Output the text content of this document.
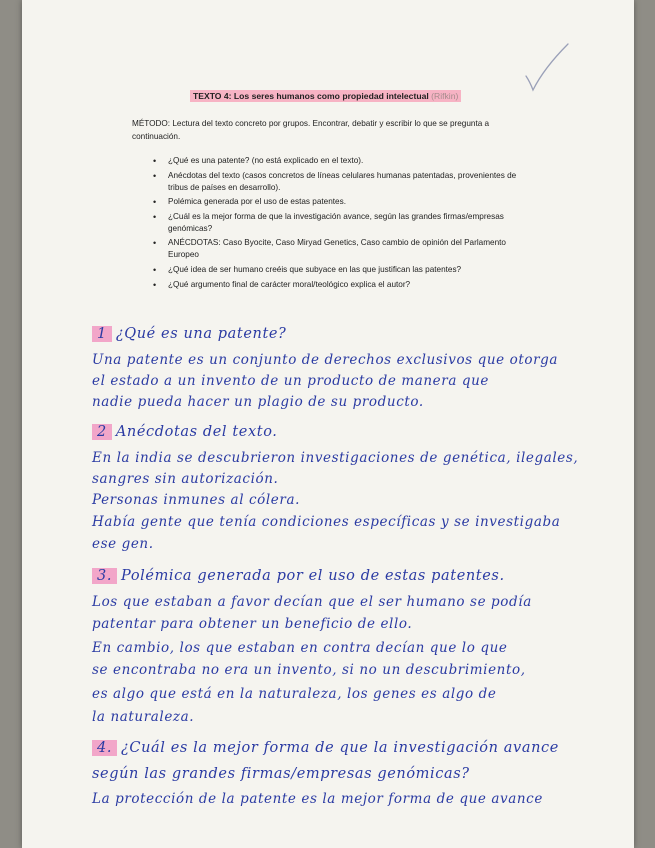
TEXTO 4: Los seres humanos como propiedad intelectual (Rifkin)
MÉTODO: Lectura del texto concreto por grupos. Encontrar, debatir y escribir lo que se pregunta a continuación.
• ¿Qué es una patente? (no está explicado en el texto).
• Anécdotas del texto (casos concretos de líneas celulares humanas patentadas, provenientes de tribus de países en desarrollo).
• Polémica generada por el uso de estas patentes.
• ¿Cuál es la mejor forma de que la investigación avance, según las grandes firmas/empresas genómicas?
• ANÉCDOTAS: Caso Byocite, Caso Miryad Genetics, Caso cambio de opinión del Parlamento Europeo
• ¿Qué idea de ser humano creéis que subyace en las que justifican las patentes?
• ¿Qué argumento final de carácter moral/teológico explica el autor?
1 ¿Qué es una patente?
Una patente es un conjunto de derechos exclusivos que otorga
el estado a un invento de un producto de manera que
nadie pueda hacer un plagio de su producto.
2 Anécdotas del texto.
En la india se descubrieron investigaciones de genética, ilegales,
sangres sin autorización.
Personas inmunes al cólera.
Había gente que tenía condiciones específicas y se investigaba
ese gen.
3. Polémica generada por el uso de estas patentes.
Los que estaban a favor decían que el ser humano se podía
patentar para obtener un beneficio de ello.
En cambio, los que estaban en contra decían que lo que
se encontraba no era un invento, si no un descubrimiento,
es algo que está en la naturaleza, los genes es algo de
la naturaleza.
4. ¿Cuál es la mejor forma de que la investigación avance
según las grandes firmas/empresas genómicas?
La protección de la patente es la mejor forma de que avance
